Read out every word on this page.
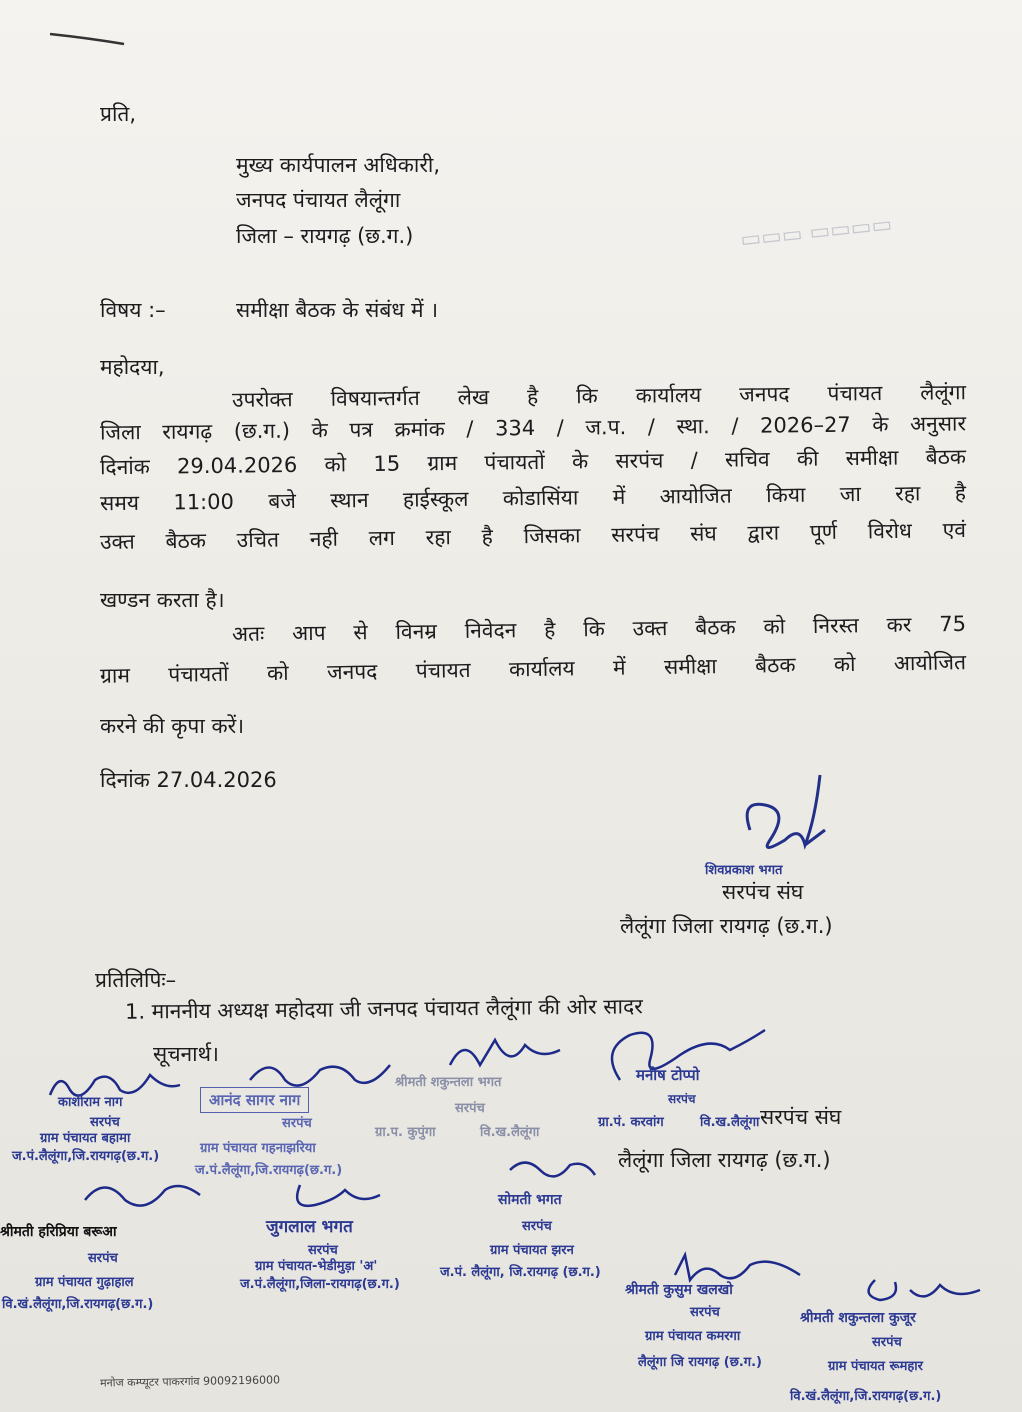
▭▭▭ ▭▭▭▭
प्रति,
मुख्य कार्यपालन अधिकारी,
जनपद पंचायत लैलूंगा
जिला – रायगढ़ (छ.ग.)
विषय :–	समीक्षा बैठक के संबंध में ।
महोदया,
उपरोक्त विषयान्तर्गत लेख है कि कार्यालय जनपद पंचायत लैलूंगा
जिला रायगढ़ (छ.ग.) के पत्र क्रमांक / 334 / ज.प. / स्था. / 2026–27 के अनुसार
दिनांक 29.04.2026 को 15 ग्राम पंचायतों के सरपंच / सचिव की समीक्षा बैठक
समय 11:00 बजे स्थान हाईस्कूल कोडासिंया में आयोजित किया जा रहा है
उक्त बैठक उचित नही लग रहा है जिसका सरपंच संघ द्वारा पूर्ण विरोध एवं
खण्डन करता है।
अतः आप से विनम्र निवेदन है कि उक्त बैठक को निरस्त कर 75
ग्राम पंचायतों को जनपद पंचायत कार्यालय में समीक्षा बैठक को आयोजित
करने की कृपा करें।
दिनांक 27.04.2026
शिवप्रकाश भगत
सरपंच संघ
लैलूंगा जिला रायगढ़ (छ.ग.)
प्रतिलिपिः–
1. माननीय अध्यक्ष महोदया जी जनपद पंचायत लैलूंगा की ओर सादर
सूचनार्थ।
सरपंच संघ
लैलूंगा जिला रायगढ़ (छ.ग.)
काशीराम नाग
सरपंच
ग्राम पंचायत बहामा
ज.पं.लैलूंगा,जि.रायगढ़(छ.ग.)
आनंद सागर नाग
सरपंच
ग्राम पंचायत गहनाझरिया
ज.पं.लैलूंगा,जि.रायगढ़(छ.ग.)
श्रीमती शकुन्तला भगत
सरपंच
ग्रा.प. कुपुंगा	वि.ख.लैलूंगा
मनीष टोप्पो
सरपंच
ग्रा.पं. करवांग	वि.ख.लैलूंगा
श्रीमती हरिप्रिया बरूआ
सरपंच
ग्राम पंचायत गुढ़ाहाल
वि.खं.लैलूंगा,जि.रायगढ़(छ.ग.)
जुगलाल भगत
सरपंच
ग्राम पंचायत-भेडीमुड़ा 'अ'
ज.पं.लैलूंगा,जिला-रायगढ़(छ.ग.)
सोमती भगत
सरपंच
ग्राम पंचायत झरन
ज.पं. लैलूंगा, जि.रायगढ़ (छ.ग.)
श्रीमती कुसुम खलखो
सरपंच
ग्राम पंचायत कमरगा
लैलूंगा जि रायगढ़ (छ.ग.)
श्रीमती शकुन्तला कुजूर
सरपंच
ग्राम पंचायत रूमहार
वि.खं.लैलूंगा,जि.रायगढ़(छ.ग.)
मनोज कम्प्यूटर पाकरगांव 90092196000
